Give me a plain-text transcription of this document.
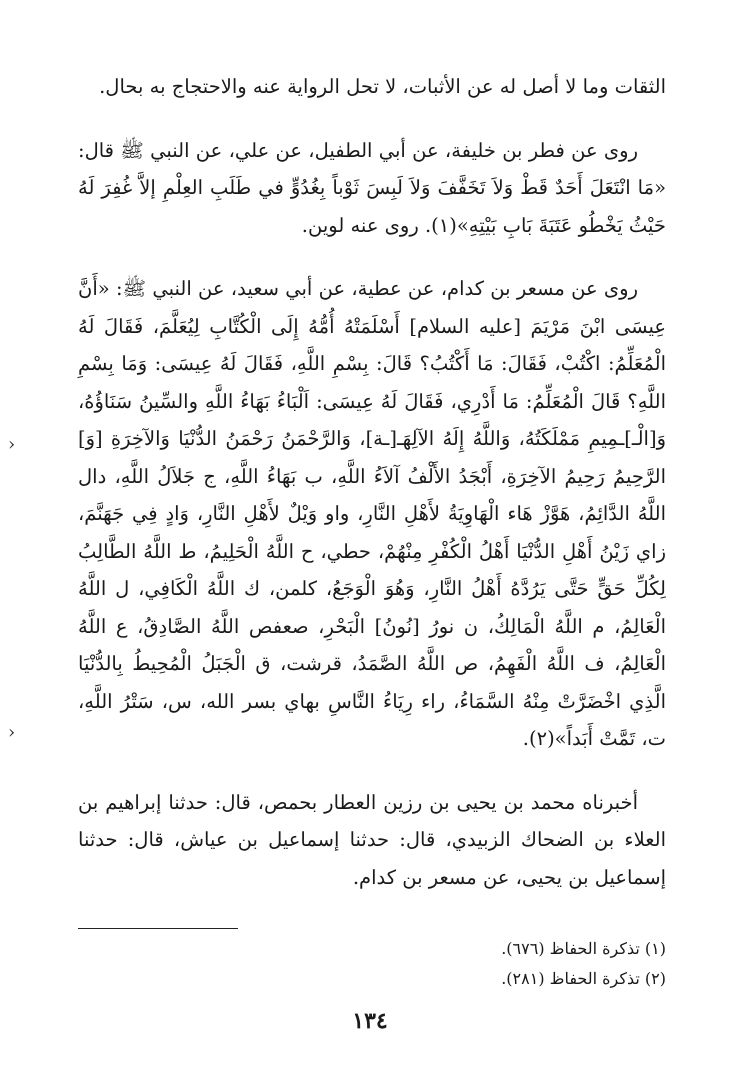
الثقات وما لا أصل له عن الأثبات، لا تحل الرواية عنه والاحتجاج به بحال.

روى عن فطر بن خليفة، عن أبي الطفيل، عن علي، عن النبي ﷺ قال: «مَا انْتَعَلَ أَحَدٌ قَطْ وَلاَ تَخَفَّفَ وَلاَ لَبِسَ ثَوْباً بِغُدُوٍّ في طَلَبِ العِلْمِ إلاَّ غُفِرَ لَهُ حَيْثُ يَخْطُو عَتَبَةَ بَابِ بَيْتِهِ»(١). روى عنه لوين.

روى عن مسعر بن كدام، عن عطية، عن أبي سعيد، عن النبي ﷺ: «أَنَّ عِيسَى ابْنَ مَرْيَمَ [عليه السلام] أَسْلَمَتْهُ أُمُّهُ إِلَى الْكُتَّابِ لِيُعَلَّمَ، فَقَالَ لَهُ الْمُعَلِّمُ: اكْتُبْ، فَقَالَ: مَا أَكْتُبُ؟ قَالَ: بِسْمِ اللَّهِ، فَقَالَ لَهُ عِيسَى: وَمَا بِسْمِ اللَّهِ؟ قَالَ الْمُعَلِّمُ: مَا أَدْرِي، فَقَالَ لَهُ عِيسَى: اَلْبَاءُ بَهَاءُ اللَّهِ والسِّينُ سَنَاؤُهُ، وَ[الْـ]ـمِيمِ مَمْلَكَتُهُ، وَاللَّهُ إِلَهُ الآلِهَـ[ـة]، وَالرَّحْمَنُ رَحْمَنُ الدُّنْيَا وَالآخِرَةِ [وَ] الرَّحِيمُ رَحِيمُ الآخِرَةِ، أَبْجَدُ الأَلْفُ آلاَءُ اللَّهِ، ب بَهَاءُ اللَّهِ، ج جَلاَلُ اللَّهِ، دال اللَّهُ الدَّائِمُ، هَوَّزْ هَاء الْهَاوِيَةُ لأَهْلِ النَّارِ، واو وَيْلٌ لأَهْلِ النَّارِ، وَادٍ فِي جَهَنَّمَ، زاي زَيْنُ أَهْلِ الدُّنْيَا أَهْلُ الْكُفْرِ مِنْهُمْ، حطي، ح اللَّهُ الْحَلِيمُ، ط اللَّهُ الطَّالِبُ لِكُلِّ حَقٍّ حَتَّى يَرُدَّهُ أَهْلُ النَّارِ، وَهُوَ الْوَجَعُ، كلمن، ك اللَّهُ الْكَافِي، ل اللَّهُ الْعَالِمُ، م اللَّهُ الْمَالِكُ، ن نورُ [نُونُ] الْبَحْرِ، صعفص اللَّهُ الصَّادِقُ، ع اللَّهُ الْعَالِمُ، ف اللَّهُ الْفَهِمُ، ص اللَّهُ الصَّمَدُ، قرشت، ق الْجَبَلُ الْمُحِيطُ بِالدُّنْيَا الَّذِي اخْضَرَّتْ مِنْهُ السَّمَاءُ، راء رِيَاءُ النَّاسِ بهاي بسر الله، س، سَتْرُ اللَّهِ، ت، تَمَّتْ أَبَداً»(٢).

أخبرناه محمد بن يحيى بن رزين العطار بحمص، قال: حدثنا إبراهيم بن العلاء بن الضحاك الزبيدي، قال: حدثنا إسماعيل بن عياش، قال: حدثنا إسماعيل بن يحيى، عن مسعر بن كدام.

›
›
(١) تذكرة الحفاظ (٦٧٦).
(٢) تذكرة الحفاظ (٢٨١).
١٣٤
